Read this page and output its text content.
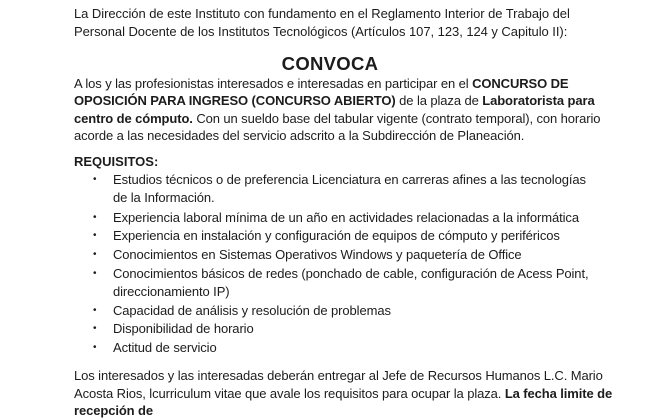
La Dirección de este Instituto con fundamento en el Reglamento Interior de Trabajo del Personal Docente de los Institutos Tecnológicos (Artículos 107, 123, 124 y Capitulo II):
CONVOCA
A los y las profesionistas interesados e interesadas en participar en el CONCURSO DE OPOSICIÓN PARA INGRESO (CONCURSO ABIERTO) de la plaza de Laboratorista para centro de cómputo. Con un sueldo base del tabular vigente (contrato temporal), con horario acorde a las necesidades del servicio adscrito a la Subdirección de Planeación.
REQUISITOS:
• Estudios técnicos o de preferencia Licenciatura en carreras afines a las tecnologías de la Información.
• Experiencia laboral mínima de un año en actividades relacionadas a la informática
• Experiencia en instalación y configuración de equipos de cómputo y periféricos
• Conocimientos en Sistemas Operativos Windows y paquetería de Office
• Conocimientos básicos de redes (ponchado de cable, configuración de Acess Point, direccionamiento IP)
• Capacidad de análisis y resolución de problemas
• Disponibilidad de horario
• Actitud de servicio
Los interesados y las interesadas deberán entregar al Jefe de Recursos Humanos L.C. Mario Acosta Rios, lcurriculum vitae que avale los requisitos para ocupar la plaza. La fecha limite de recepción de
